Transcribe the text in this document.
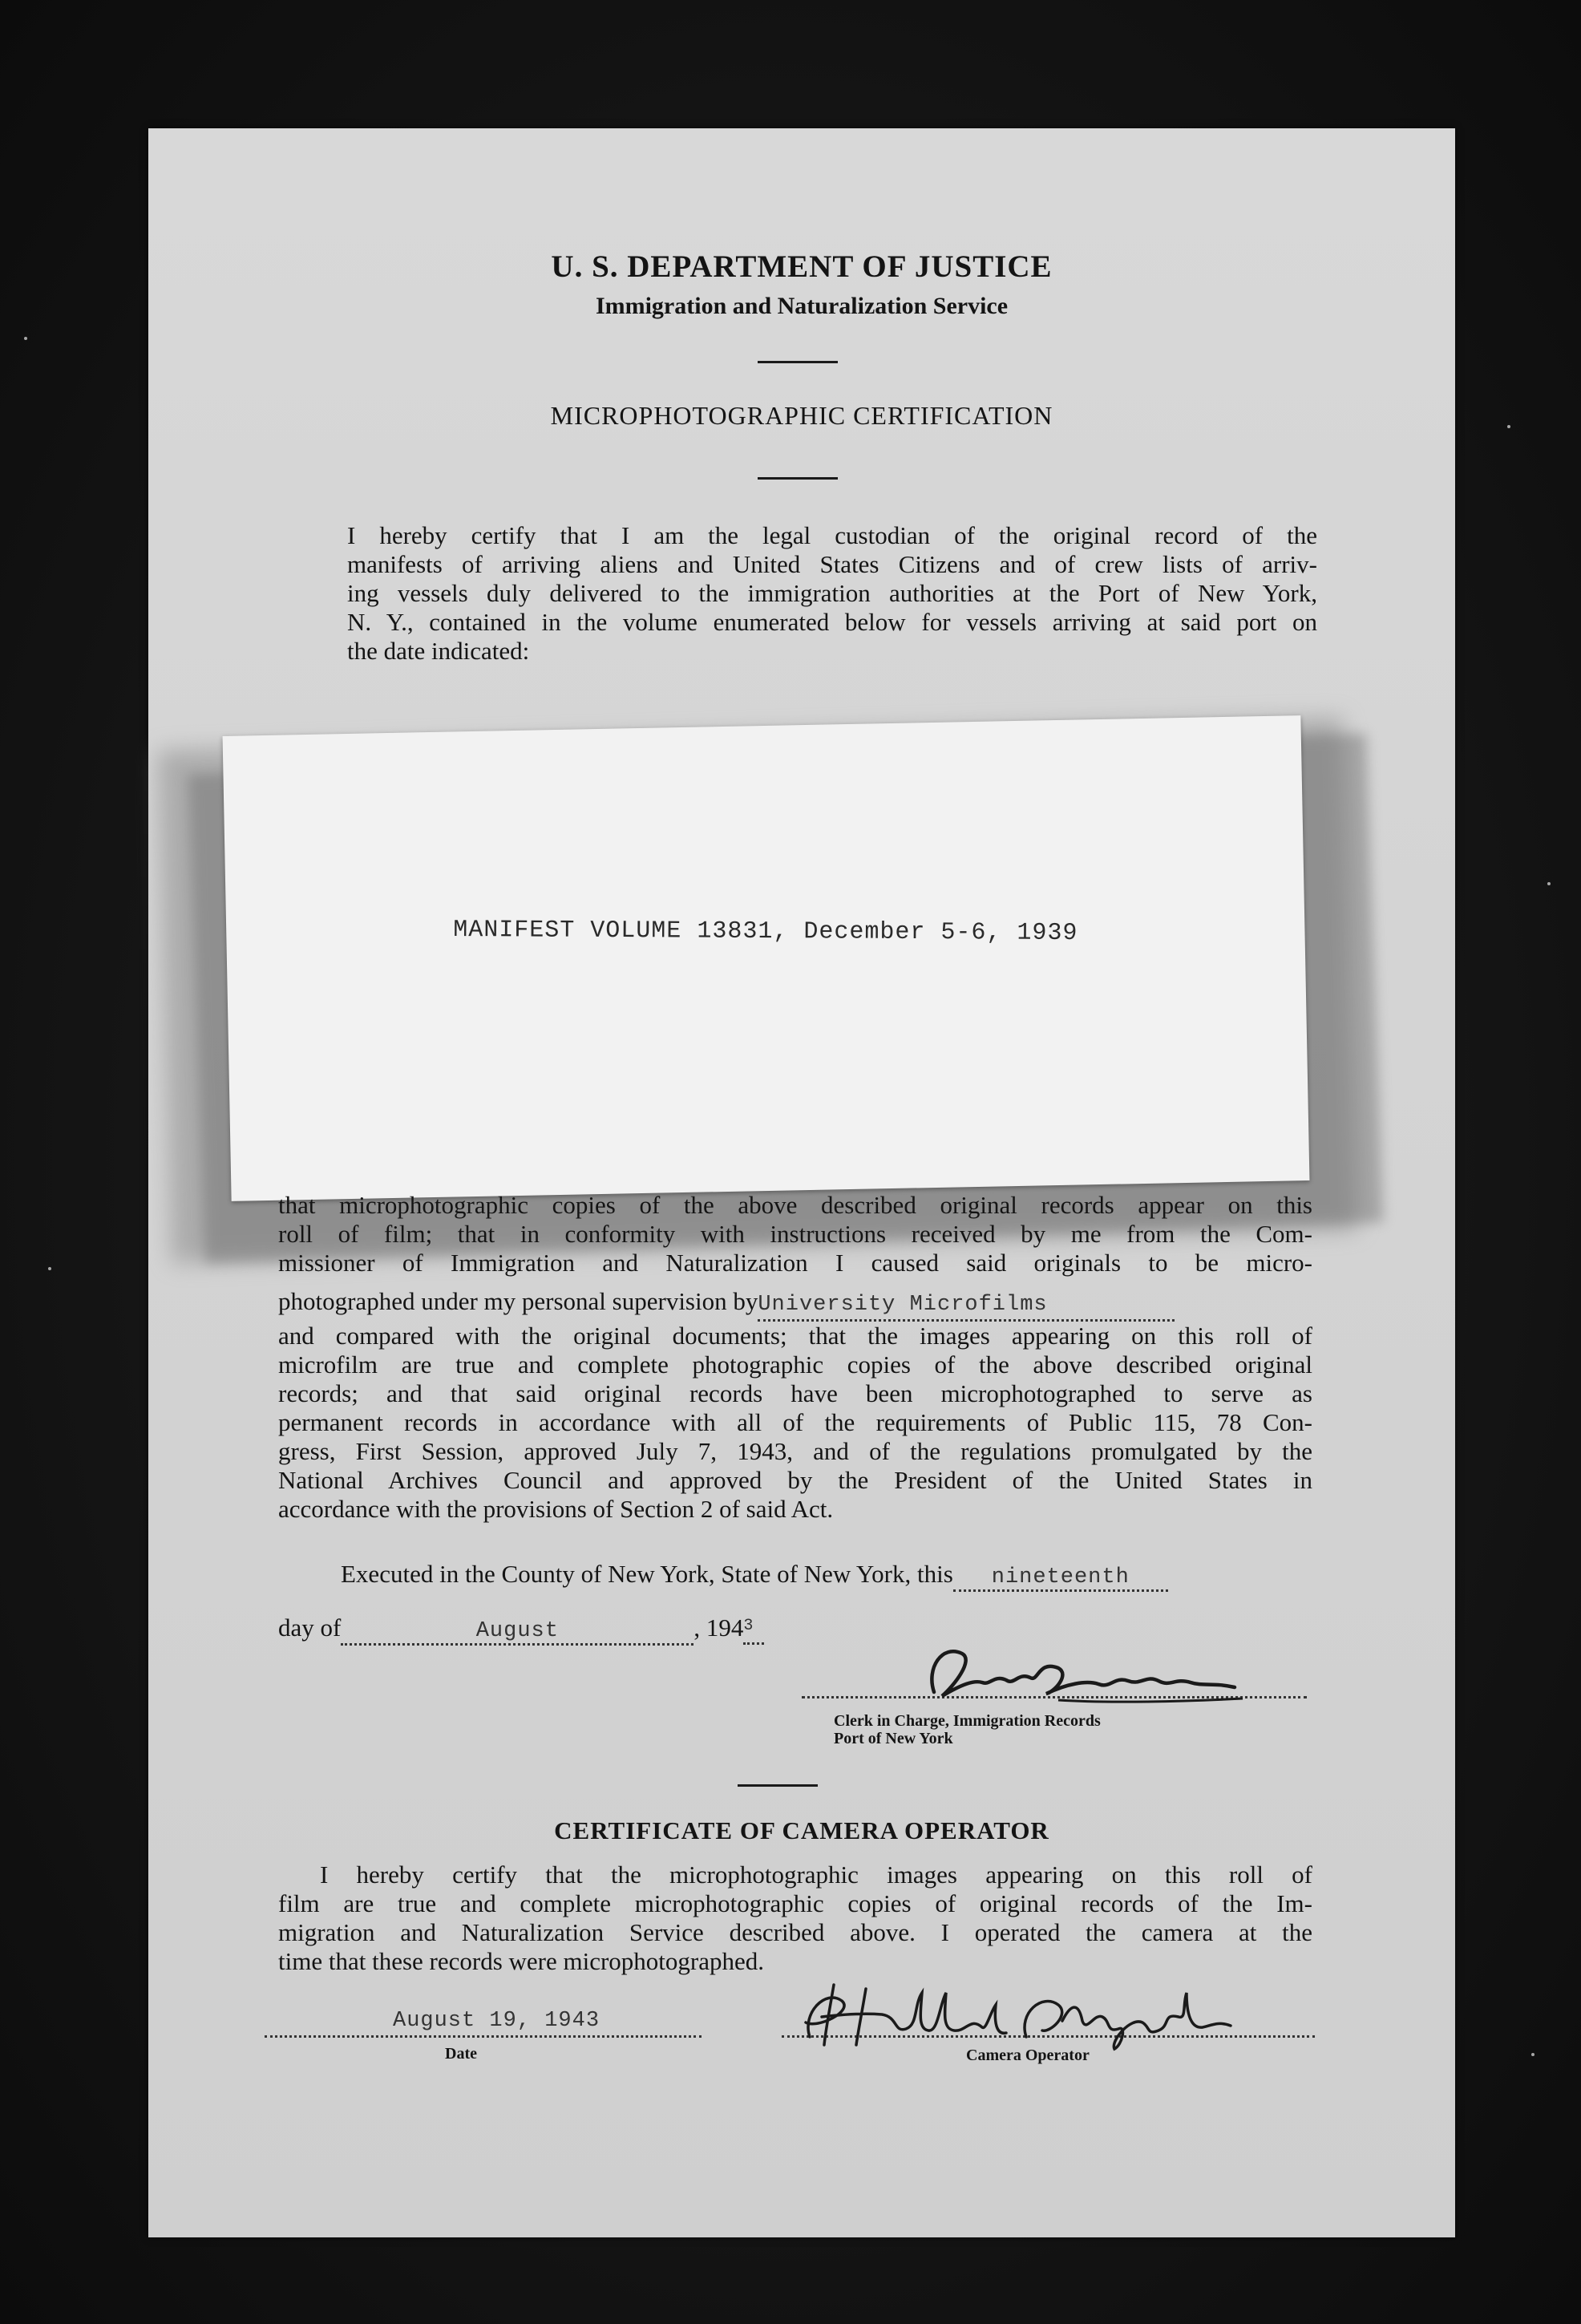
U. S. DEPARTMENT OF JUSTICE
Immigration and Naturalization Service
MICROPHOTOGRAPHIC CERTIFICATION
I hereby certify that I am the legal custodian of the original record of the
manifests of arriving aliens and United States Citizens and of crew lists of arriv-
ing vessels duly delivered to the immigration authorities at the Port of New York,
N. Y., contained in the volume enumerated below for vessels arriving at said port on
the date indicated:
MANIFEST VOLUME 13831, December 5-6, 1939
that microphotographic copies of the above described original records appear on this
roll of film; that in conformity with instructions received by me from the Com-
missioner of Immigration and Naturalization I caused said originals to be micro-
photographed under my personal supervision byUniversity Microfilms
and compared with the original documents; that the images appearing on this roll of
microfilm are true and complete photographic copies of the above described original
records; and that said original records have been microphotographed to serve as
permanent records in accordance with all of the requirements of Public 115, 78 Con-
gress, First Session, approved July 7, 1943, and of the regulations promulgated by the
National Archives Council and approved by the President of the United States in
accordance with the provisions of Section 2 of said Act.
Executed in the County of New York, State of New York, this nineteenth
day of	August	, $194^3$
Clerk in Charge, Immigration Records
Port of New York
CERTIFICATE OF CAMERA OPERATOR
I hereby certify that the microphotographic images appearing on this roll of
film are true and complete microphotographic copies of original records of the Im-
migration and Naturalization Service described above. I operated the camera at the
time that these records were microphotographed.
August 19, 1943
Date	Camera Operator
